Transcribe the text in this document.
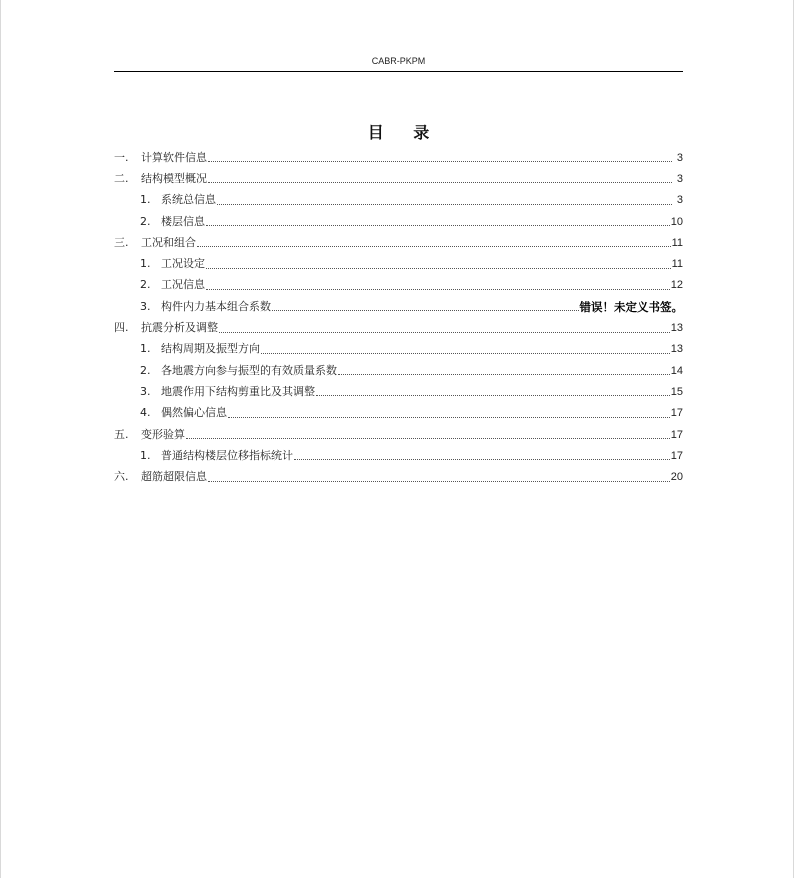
CABR-PKPM
目 录
一.	计算软件信息	3
二.	结构模型概况	3
1. 系统总信息	3
2. 楼层信息	10
三.	工况和组合	11
1. 工况设定	11
2. 工况信息	12
3. 构件内力基本组合系数	错误！未定义书签。
四.	抗震分析及调整	13
1. 结构周期及振型方向	13
2. 各地震方向参与振型的有效质量系数	14
3. 地震作用下结构剪重比及其调整	15
4. 偶然偏心信息	17
五.	变形验算	17
1. 普通结构楼层位移指标统计	17
六.	超筋超限信息	20
